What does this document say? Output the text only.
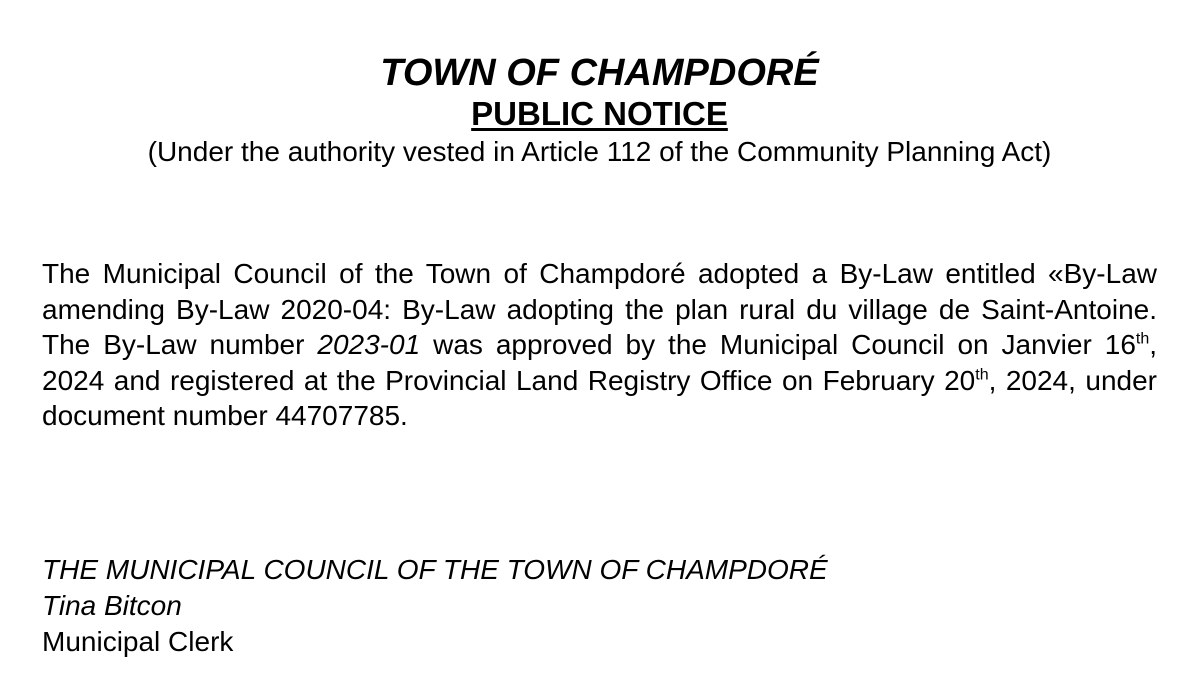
TOWN OF CHAMPDORÉ
PUBLIC NOTICE

(Under the authority vested in Article 112 of the Community Planning Act)

The Municipal Council of the Town of Champdoré adopted a By-Law entitled «By-Law amending By-Law 2020-04: By-Law adopting the plan rural du village de Saint-Antoine. The By-Law number 2023-01 was approved by the Municipal Council on Janvier 16th, 2024 and registered at the Provincial Land Registry Office on February 20th, 2024, under document number 44707785.

THE MUNICIPAL COUNCIL OF THE TOWN OF CHAMPDORÉ
Tina Bitcon
Municipal Clerk
